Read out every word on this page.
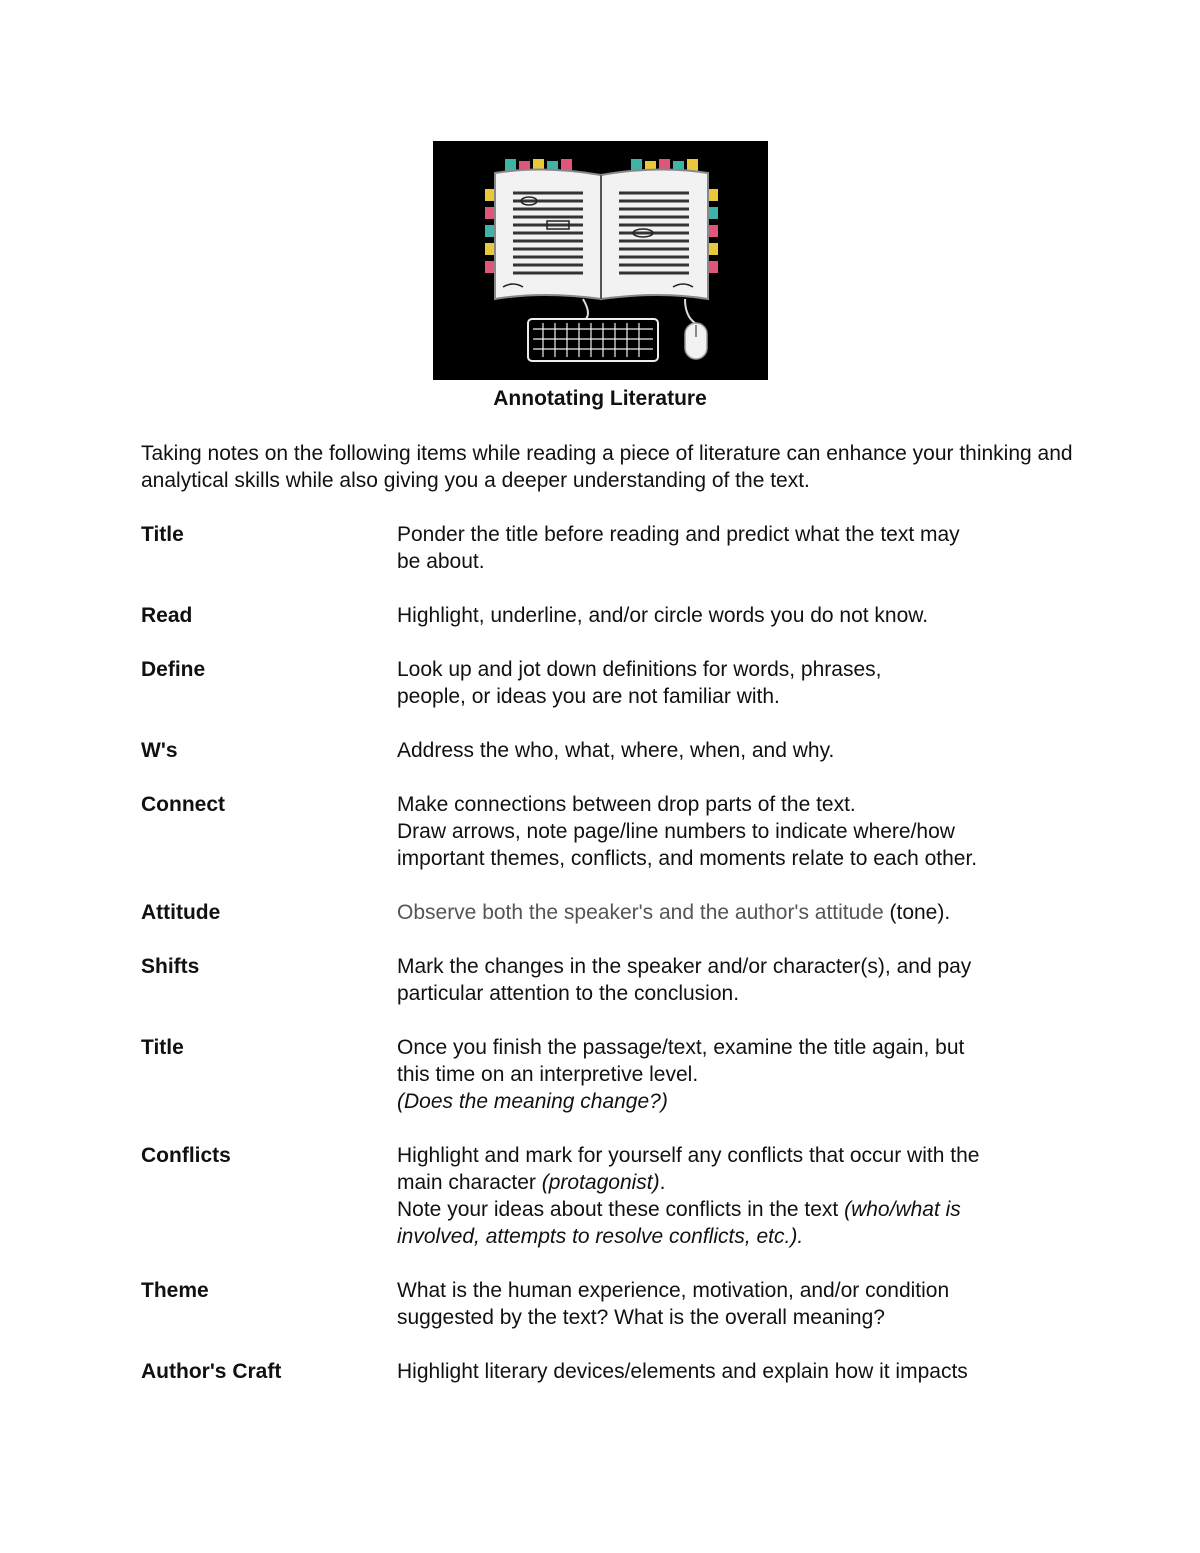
Annotating Literature
Taking notes on the following items while reading a piece of literature can enhance your thinking and analytical skills while also giving you a deeper understanding of the text.
Title	Ponder the title before reading and predict what the text may
be about.
Read	Highlight, underline, and/or circle words you do not know.
Define	Look up and jot down definitions for words, phrases,
people, or ideas you are not familiar with.
W's	Address the who, what, where, when, and why.
Connect	Make connections between drop parts of the text.
Draw arrows, note page/line numbers to indicate where/how
important themes, conflicts, and moments relate to each other.
Attitude	Observe both the speaker's and the author's attitude (tone).
Shifts	Mark the changes in the speaker and/or character(s), and pay
particular attention to the conclusion.
Title	Once you finish the passage/text, examine the title again, but
this time on an interpretive level.
(Does the meaning change?)
Conflicts	Highlight and mark for yourself any conflicts that occur with the
main character (protagonist).
Note your ideas about these conflicts in the text (who/what is
involved, attempts to resolve conflicts, etc.).
Theme	What is the human experience, motivation, and/or condition
suggested by the text? What is the overall meaning?
Author's Craft	Highlight literary devices/elements and explain how it impacts
